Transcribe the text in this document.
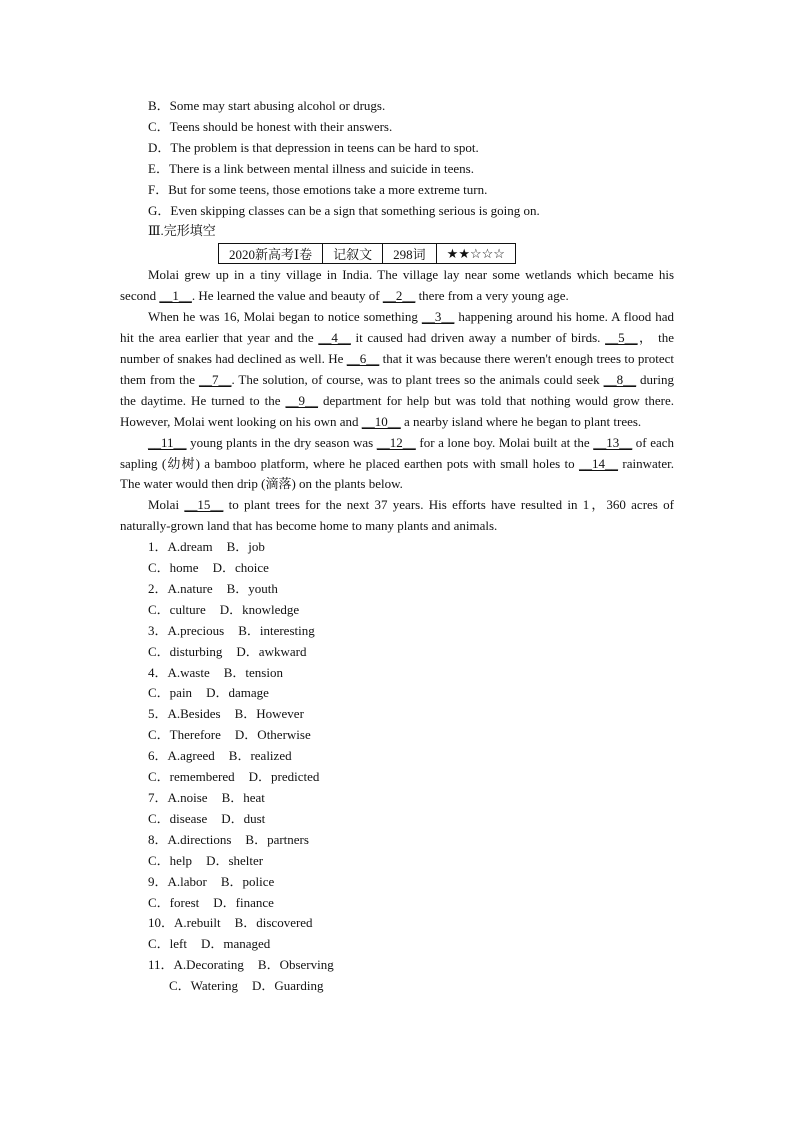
B．Some may start abusing alcohol or drugs.
C．Teens should be honest with their answers.
D．The problem is that depression in teens can be hard to spot.
E．There is a link between mental illness and suicide in teens.
F．But for some teens, those emotions take a more extreme turn.
G．Even skipping classes can be a sign that something serious is going on.
Ⅲ.完形填空
2020新高考Ⅰ卷	记叙文	298词	★★☆☆☆
Molai grew up in a tiny village in India. The village lay near some wetlands which became his second __1__. He learned the value and beauty of __2__ there from a very young age.
When he was 16, Molai began to notice something __3__ happening around his home. A flood had hit the area earlier that year and the __4__ it caused had driven away a number of birds. __5__， the number of snakes had declined as well. He __6__ that it was because there weren't enough trees to protect them from the __7__. The solution, of course, was to plant trees so the animals could seek __8__ during the daytime. He turned to the __9__ department for help but was told that nothing would grow there. However, Molai went looking on his own and __10__ a nearby island where he began to plant trees.
__11__ young plants in the dry season was __12__ for a lone boy. Molai built at the __13__ of each sapling (幼树) a bamboo platform, where he placed earthen pots with small holes to __14__ rainwater. The water would then drip (滴落) on the plants below.
Molai __15__ to plant trees for the next 37 years. His efforts have resulted in 1，360 acres of naturally-grown land that has become home to many plants and animals.
1．A.dream B．job
C．home D．choice
2．A.nature B．youth
C．culture D．knowledge
3．A.precious B．interesting
C．disturbing D．awkward
4．A.waste B．tension
C．pain D．damage
5．A.Besides B．However
C．Therefore D．Otherwise
6．A.agreed B．realized
C．remembered D．predicted
7．A.noise B．heat
C．disease D．dust
8．A.directions B．partners
C．help D．shelter
9．A.labor B．police
C．forest D．finance
10．A.rebuilt B．discovered
C．left D．managed
11．A.Decorating B．Observing
C．Watering D．Guarding
